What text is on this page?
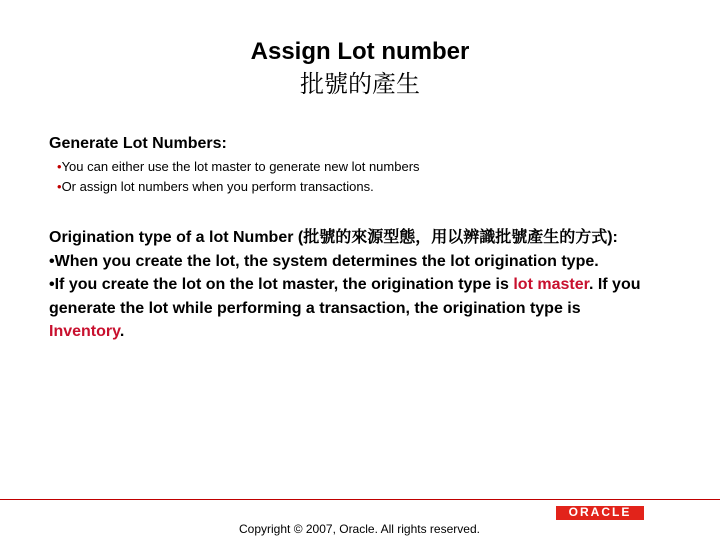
Assign Lot number
批號的產生
Generate Lot Numbers:
•You can either use the lot master to generate new lot numbers
•Or assign lot numbers when you perform transactions.
Origination type of a lot Number (批號的來源型態，用以辨識批號產生的方式):
•When you create the lot, the system determines the lot origination type.
•If you create the lot on the lot master, the origination type is lot master. If you generate the lot while performing a transaction, the origination type is Inventory.
Copyright © 2007, Oracle. All rights reserved.
ORACLE
